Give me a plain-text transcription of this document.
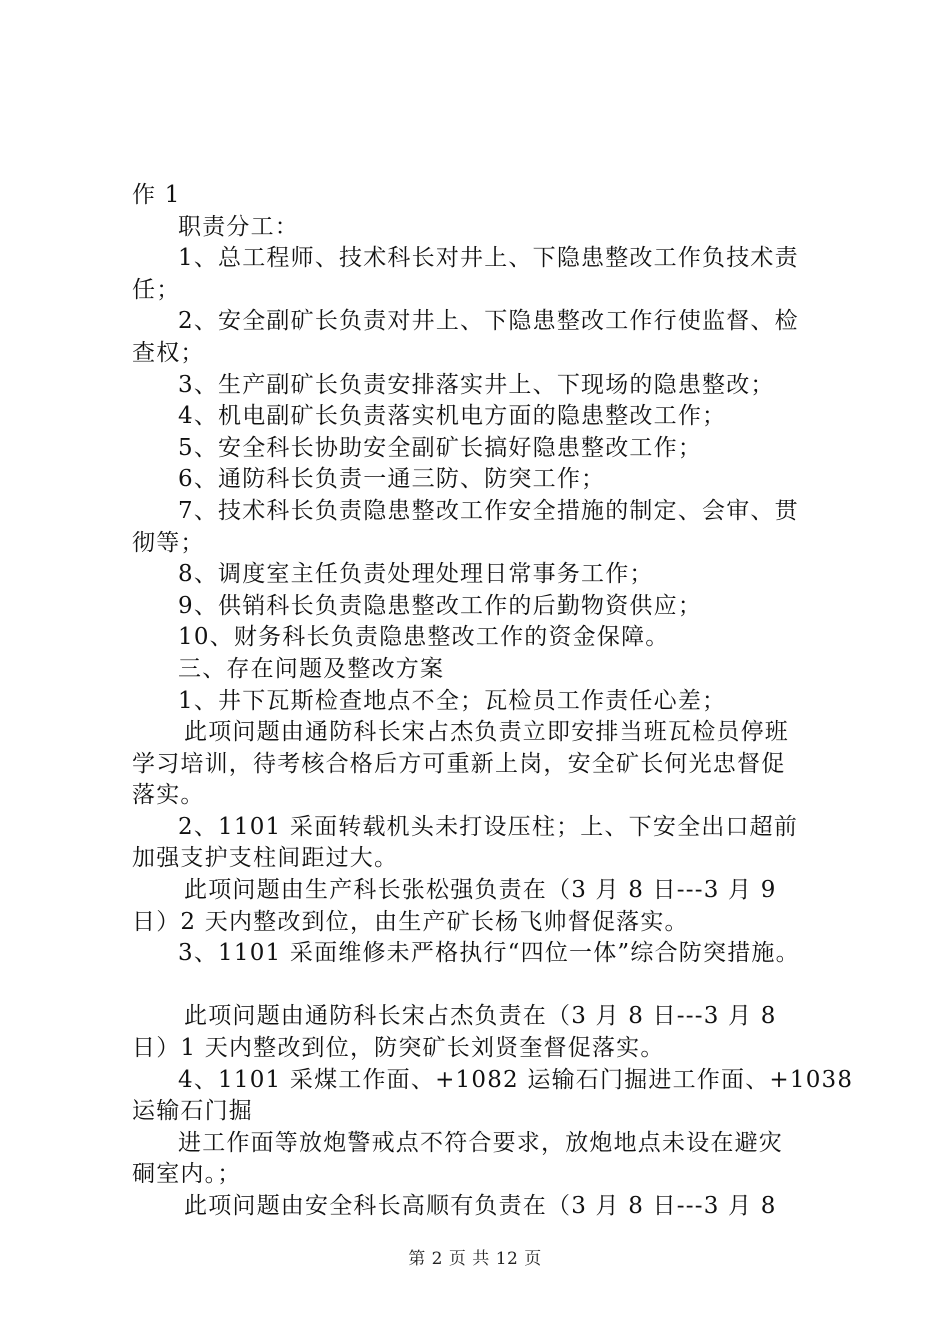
作 1
职责分工：
1、总工程师、技术科长对井上、下隐患整改工作负技术责
任；
2、安全副矿长负责对井上、下隐患整改工作行使监督、检
查权；
3、生产副矿长负责安排落实井上、下现场的隐患整改；
4、机电副矿长负责落实机电方面的隐患整改工作；
5、安全科长协助安全副矿长搞好隐患整改工作；
6、通防科长负责一通三防、防突工作；
7、技术科长负责隐患整改工作安全措施的制定、会审、贯
彻等；
8、调度室主任负责处理处理日常事务工作；
9、供销科长负责隐患整改工作的后勤物资供应；
10、财务科长负责隐患整改工作的资金保障。
三、存在问题及整改方案
1、井下瓦斯检查地点不全；瓦检员工作责任心差；
此项问题由通防科长宋占杰负责立即安排当班瓦检员停班
学习培训，待考核合格后方可重新上岗，安全矿长何光忠督促
落实。
2、1101 采面转载机头未打设压柱；上、下安全出口超前
加强支护支柱间距过大。
此项问题由生产科长张松强负责在（3 月 8 日---3 月 9
日）2 天内整改到位，由生产矿长杨飞帅督促落实。
3、1101 采面维修未严格执行“四位一体”综合防突措施。
此项问题由通防科长宋占杰负责在（3 月 8 日---3 月 8
日）1 天内整改到位，防突矿长刘贤奎督促落实。
4、1101 采煤工作面、+1082 运输石门掘进工作面、+1038
运输石门掘
进工作面等放炮警戒点不符合要求，放炮地点未设在避灾
硐室内。；
此项问题由安全科长高顺有负责在（3 月 8 日---3 月 8
第 2 页 共 12 页
